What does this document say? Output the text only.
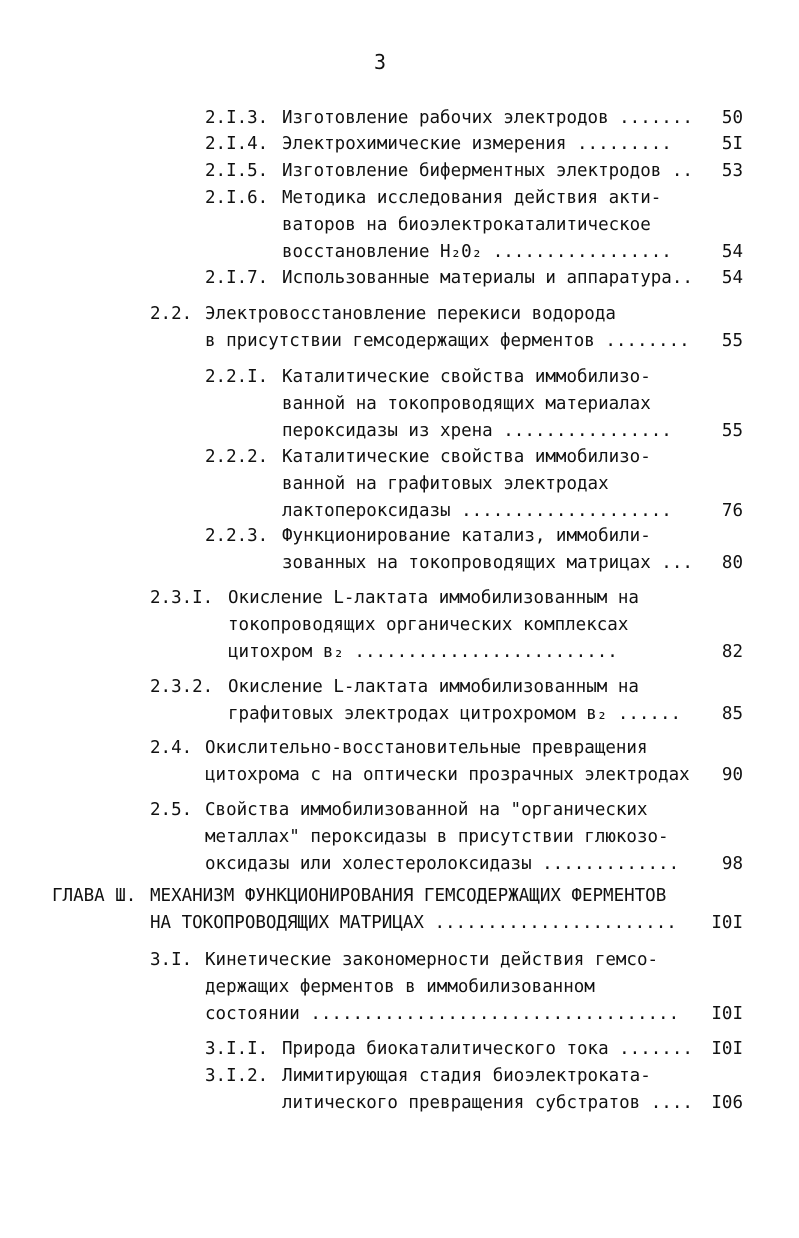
3
2.I.3. Изготовление рабочих электродов ....... 50
2.I.4. Электрохимические измерения .........	5I
2.I.5. Изготовление биферментных электродов .. 53
2.I.6. Методика исследования действия акти-
ваторов на биоэлектрокаталитическое
восстановление H₂0₂ .................	54
2.I.7. Использованные материалы и аппаратура.. 54
2.2. Электровосстановление перекиси водорода
в присутствии гемсодержащих ферментов ........ 55
2.2.I. Каталитические свойства иммобилизо-
ванной на токопроводящих материалах
пероксидазы из хрена ................	55
2.2.2. Каталитические свойства иммобилизо-
ванной на графитовых электродах
лактопероксидазы ....................	76
2.2.3. Функционирование катализ, иммобили-
зованных на токопроводящих матрицах ... 80
2.3.I. Окисление L-лактата иммобилизованным на
токопроводящих органических комплексах
цитохром в₂ .........................	82
2.3.2. Окисление L-лактата иммобилизованным на
графитовых электродах цитрохромом в₂ ...... 85
2.4. Окислительно-восстановительные превращения
цитохрома с на оптически прозрачных электродах 90
2.5. Свойства иммобилизованной на "органических
металлах" пероксидазы в присутствии глюкозо-
оксидазы или холестеролоксидазы ............. 98
ГЛАВА Ш. МЕХАНИЗМ ФУНКЦИОНИРОВАНИЯ ГЕМСОДЕРЖАЩИХ ФЕРМЕНТОВ
НА ТОКОПРОВОДЯЩИХ МАТРИЦАХ ....................... I0I
3.I. Кинетические закономерности действия гемсо-
держащих ферментов в иммобилизованном
состоянии ................................... I0I
3.I.I. Природа биокаталитического тока ....... I0I
3.I.2. Лимитирующая стадия биоэлектроката-
литического превращения субстратов .... I06
